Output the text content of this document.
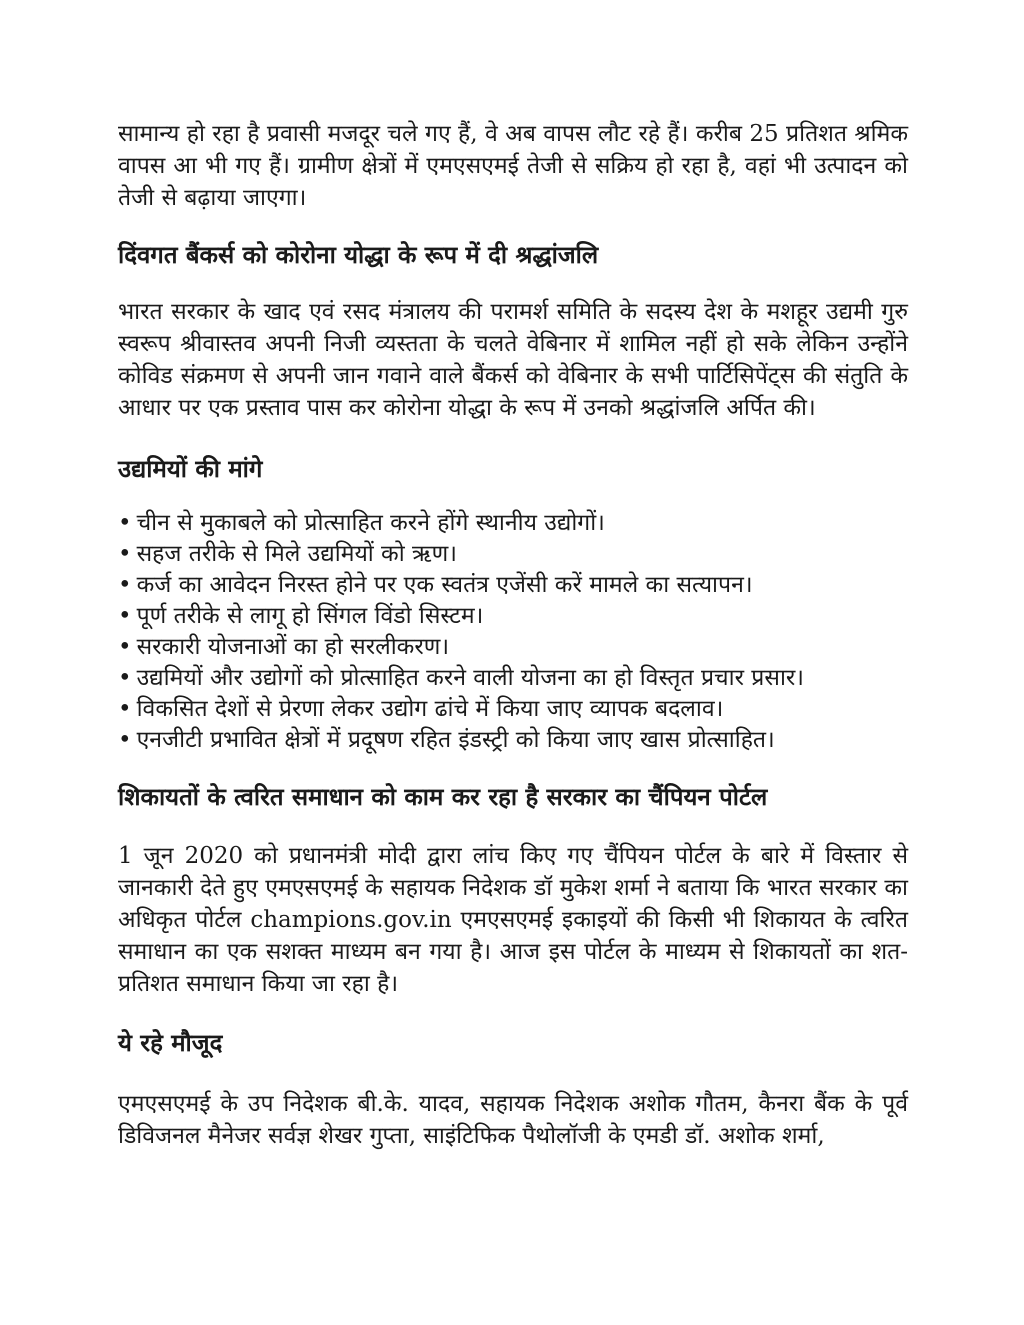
सामान्य हो रहा है प्रवासी मजदूर चले गए हैं, वे अब वापस लौट रहे हैं। करीब 25 प्रतिशत श्रमिक वापस आ भी गए हैं। ग्रामीण क्षेत्रों में एमएसएमई तेजी से सक्रिय हो रहा है, वहां भी उत्पादन को तेजी से बढ़ाया जाएगा।

दिंवगत बैंकर्स को कोरोना योद्धा के रूप में दी श्रद्धांजलि

भारत सरकार के खाद एवं रसद मंत्रालय की परामर्श समिति के सदस्य देश के मशहूर उद्यमी गुरु स्वरूप श्रीवास्तव अपनी निजी व्यस्तता के चलते वेबिनार में शामिल नहीं हो सके लेकिन उन्होंने कोविड संक्रमण से अपनी जान गवाने वाले बैंकर्स को वेबिनार के सभी पार्टिसिपेंट्स की संतुति के आधार पर एक प्रस्ताव पास कर कोरोना योद्धा के रूप में उनको श्रद्धांजलि अर्पित की।

उद्यमियों की मांगे
• चीन से मुकाबले को प्रोत्साहित करने होंगे स्थानीय उद्योगों।
• सहज तरीके से मिले उद्यमियों को ऋण।
• कर्ज का आवेदन निरस्त होने पर एक स्वतंत्र एजेंसी करें मामले का सत्यापन।
• पूर्ण तरीके से लागू हो सिंगल विंडो सिस्टम।
• सरकारी योजनाओं का हो सरलीकरण।
• उद्यमियों और उद्योगों को प्रोत्साहित करने वाली योजना का हो विस्तृत प्रचार प्रसार।
• विकसित देशों से प्रेरणा लेकर उद्योग ढांचे में किया जाए व्यापक बदलाव।
• एनजीटी प्रभावित क्षेत्रों में प्रदूषण रहित इंडस्ट्री को किया जाए खास प्रोत्साहित।
शिकायतों के त्वरित समाधान को काम कर रहा है सरकार का चैंपियन पोर्टल

1 जून 2020 को प्रधानमंत्री मोदी द्वारा लांच किए गए चैंपियन पोर्टल के बारे में विस्तार से जानकारी देते हुए एमएसएमई के सहायक निदेशक डॉ मुकेश शर्मा ने बताया कि भारत सरकार का अधिकृत पोर्टल champions.gov.in एमएसएमई इकाइयों की किसी भी शिकायत के त्वरित समाधान का एक सशक्त माध्यम बन गया है। आज इस पोर्टल के माध्यम से शिकायतों का शत-प्रतिशत समाधान किया जा रहा है।

ये रहे मौजूद

एमएसएमई के उप निदेशक बी.के. यादव, सहायक निदेशक अशोक गौतम, कैनरा बैंक के पूर्व डिविजनल मैनेजर सर्वज्ञ शेखर गुप्ता, साइंटिफिक पैथोलॉजी के एमडी डॉ. अशोक शर्मा,
